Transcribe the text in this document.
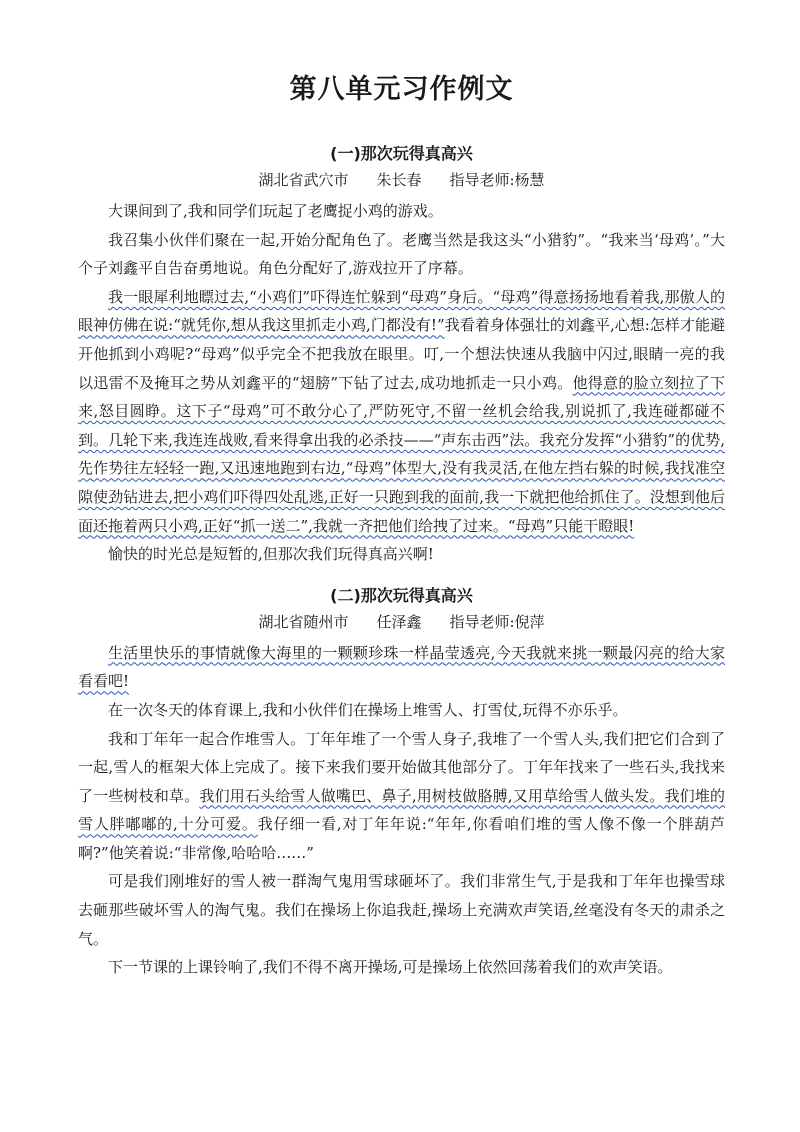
第八单元习作例文
(一)那次玩得真高兴
湖北省武穴市 朱长春 指导老师:杨慧

大课间到了,我和同学们玩起了老鹰捉小鸡的游戏。

我召集小伙伴们聚在一起,开始分配角色了。老鹰当然是我这头“小猎豹”。“我来当‘母鸡’。”大个子刘鑫平自告奋勇地说。角色分配好了,游戏拉开了序幕。

我一眼犀利地瞟过去,“小鸡们”吓得连忙躲到“母鸡”身后。“母鸡”得意扬扬地看着我,那傲人的眼神仿佛在说:“就凭你,想从我这里抓走小鸡,门都没有!”我看着身体强壮的刘鑫平,心想:怎样才能避开他抓到小鸡呢?“母鸡”似乎完全不把我放在眼里。叮,一个想法快速从我脑中闪过,眼睛一亮的我以迅雷不及掩耳之势从刘鑫平的“翅膀”下钻了过去,成功地抓走一只小鸡。他得意的脸立刻拉了下来,怒目圆睁。这下子“母鸡”可不敢分心了,严防死守,不留一丝机会给我,别说抓了,我连碰都碰不到。几轮下来,我连连战败,看来得拿出我的必杀技——“声东击西”法。我充分发挥“小猎豹”的优势,先作势往左轻轻一跑,又迅速地跑到右边,“母鸡”体型大,没有我灵活,在他左挡右躲的时候,我找准空隙使劲钻进去,把小鸡们吓得四处乱逃,正好一只跑到我的面前,我一下就把他给抓住了。没想到他后面还拖着两只小鸡,正好“抓一送二”,我就一齐把他们给拽了过来。“母鸡”只能干瞪眼!

愉快的时光总是短暂的,但那次我们玩得真高兴啊!

(二)那次玩得真高兴
湖北省随州市 任泽鑫 指导老师:倪萍

生活里快乐的事情就像大海里的一颗颗珍珠一样晶莹透亮,今天我就来挑一颗最闪亮的给大家看看吧!

在一次冬天的体育课上,我和小伙伴们在操场上堆雪人、打雪仗,玩得不亦乐乎。

我和丁年年一起合作堆雪人。丁年年堆了一个雪人身子,我堆了一个雪人头,我们把它们合到了一起,雪人的框架大体上完成了。接下来我们要开始做其他部分了。丁年年找来了一些石头,我找来了一些树枝和草。我们用石头给雪人做嘴巴、鼻子,用树枝做胳膊,又用草给雪人做头发。我们堆的雪人胖嘟嘟的,十分可爱。我仔细一看,对丁年年说:“年年,你看咱们堆的雪人像不像一个胖葫芦啊?”他笑着说:“非常像,哈哈哈……”

可是我们刚堆好的雪人被一群淘气鬼用雪球砸坏了。我们非常生气,于是我和丁年年也操雪球去砸那些破坏雪人的淘气鬼。我们在操场上你追我赶,操场上充满欢声笑语,丝毫没有冬天的肃杀之气。

下一节课的上课铃响了,我们不得不离开操场,可是操场上依然回荡着我们的欢声笑语。
